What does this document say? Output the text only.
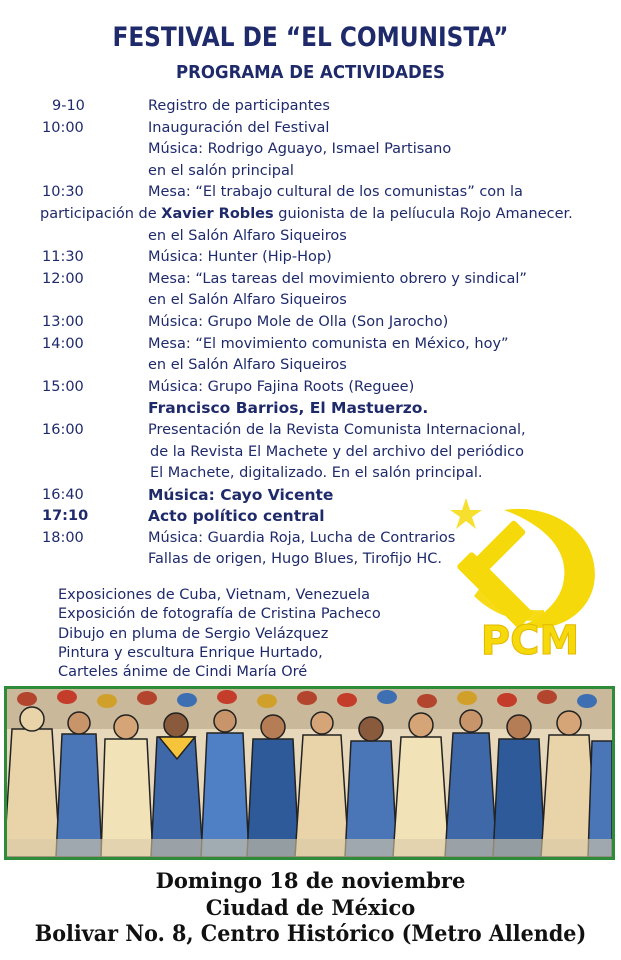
FESTIVAL DE “EL COMUNISTA”
PROGRAMA DE ACTIVIDADES
9-10	Registro de participantes
10:00	Inauguración del Festival
Música: Rodrigo Aguayo, Ismael Partisano
en el salón principal
10:30	Mesa: “El trabajo cultural de los comunistas” con la
participación de Xavier Robles guionista de la pelíucula Rojo Amanecer.
en el Salón Alfaro Siqueiros
11:30	Música: Hunter (Hip-Hop)
12:00	Mesa: “Las tareas del movimiento obrero y sindical”
en el Salón Alfaro Siqueiros
13:00	Música: Grupo Mole de Olla (Son Jarocho)
14:00	Mesa: “El movimiento comunista en México, hoy”
en el Salón Alfaro Siqueiros
15:00	Música: Grupo Fajina Roots (Reguee)
Francisco Barrios, El Mastuerzo.
16:00	Presentación de la Revista Comunista Internacional,
de la Revista El Machete y del archivo del periódico
El Machete, digitalizado. En el salón principal.
16:40	Música: Cayo Vicente
17:10	Acto político central
18:00	Música: Guardia Roja, Lucha de Contrarios
Fallas de origen, Hugo Blues, Tirofijo HC.
Exposiciones de Cuba, Vietnam, Venezuela
Exposición de fotografía de Cristina Pacheco
Dibujo en pluma de Sergio Velázquez
Pintura y escultura Enrique Hurtado,
Carteles ánime de Cindi María Oré
PCM
Domingo 18 de noviembre
Ciudad de México
Bolivar No. 8, Centro Histórico (Metro Allende)
